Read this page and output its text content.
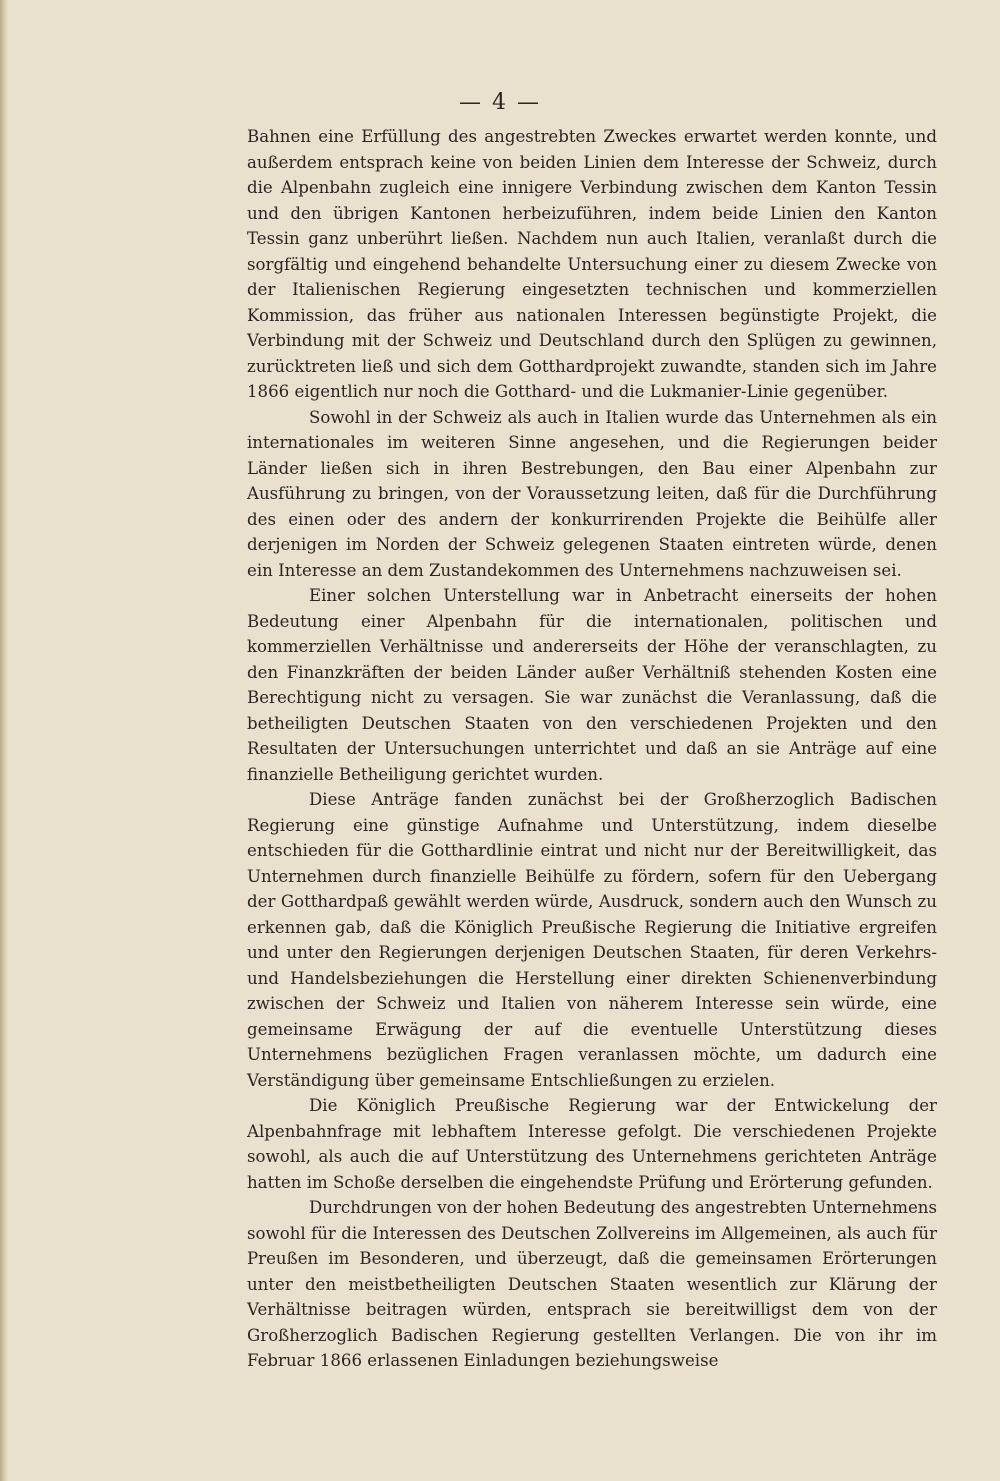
— 4 —

Bahnen eine Erfüllung des angestrebten Zweckes erwartet werden konnte, und außerdem entsprach keine von beiden Linien dem Interesse der Schweiz, durch die Alpenbahn zugleich eine innigere Verbindung zwischen dem Kanton Tessin und den übrigen Kantonen herbeizuführen, indem beide Linien den Kanton Tessin ganz unberührt ließen. Nachdem nun auch Italien, veranlaßt durch die sorgfältig und eingehend behandelte Untersuchung einer zu diesem Zwecke von der Italienischen Regierung eingesetzten technischen und kommerziellen Kommission, das früher aus nationalen Interessen begünstigte Projekt, die Verbindung mit der Schweiz und Deutschland durch den Splügen zu gewinnen, zurücktreten ließ und sich dem Gotthardprojekt zuwandte, standen sich im Jahre 1866 eigentlich nur noch die Gotthard- und die Lukmanier-Linie gegenüber.

Sowohl in der Schweiz als auch in Italien wurde das Unternehmen als ein internationales im weiteren Sinne angesehen, und die Regierungen beider Länder ließen sich in ihren Bestrebungen, den Bau einer Alpenbahn zur Ausführung zu bringen, von der Voraussetzung leiten, daß für die Durchführung des einen oder des andern der konkurrirenden Projekte die Beihülfe aller derjenigen im Norden der Schweiz gelegenen Staaten eintreten würde, denen ein Interesse an dem Zustandekommen des Unternehmens nachzuweisen sei.

Einer solchen Unterstellung war in Anbetracht einerseits der hohen Bedeutung einer Alpenbahn für die internationalen, politischen und kommerziellen Verhältnisse und andererseits der Höhe der veranschlagten, zu den Finanzkräften der beiden Länder außer Verhältniß stehenden Kosten eine Berechtigung nicht zu versagen. Sie war zunächst die Veranlassung, daß die betheiligten Deutschen Staaten von den verschiedenen Projekten und den Resultaten der Untersuchungen unterrichtet und daß an sie Anträge auf eine finanzielle Betheiligung gerichtet wurden.

Diese Anträge fanden zunächst bei der Großherzoglich Badischen Regierung eine günstige Aufnahme und Unterstützung, indem dieselbe entschieden für die Gotthardlinie eintrat und nicht nur der Bereitwilligkeit, das Unternehmen durch finanzielle Beihülfe zu fördern, sofern für den Uebergang der Gotthardpaß gewählt werden würde, Ausdruck, sondern auch den Wunsch zu erkennen gab, daß die Königlich Preußische Regierung die Initiative ergreifen und unter den Regierungen derjenigen Deutschen Staaten, für deren Verkehrs- und Handelsbeziehungen die Herstellung einer direkten Schienenverbindung zwischen der Schweiz und Italien von näherem Interesse sein würde, eine gemeinsame Erwägung der auf die eventuelle Unterstützung dieses Unternehmens bezüglichen Fragen veranlassen möchte, um dadurch eine Verständigung über gemeinsame Entschließungen zu erzielen.

Die Königlich Preußische Regierung war der Entwickelung der Alpenbahnfrage mit lebhaftem Interesse gefolgt. Die verschiedenen Projekte sowohl, als auch die auf Unterstützung des Unternehmens gerichteten Anträge hatten im Schoße derselben die eingehendste Prüfung und Erörterung gefunden.

Durchdrungen von der hohen Bedeutung des angestrebten Unternehmens sowohl für die Interessen des Deutschen Zollvereins im Allgemeinen, als auch für Preußen im Besonderen, und überzeugt, daß die gemeinsamen Erörterungen unter den meistbetheiligten Deutschen Staaten wesentlich zur Klärung der Verhältnisse beitragen würden, entsprach sie bereitwilligst dem von der Großherzoglich Badischen Regierung gestellten Verlangen. Die von ihr im Februar 1866 erlassenen Einladungen beziehungsweise
